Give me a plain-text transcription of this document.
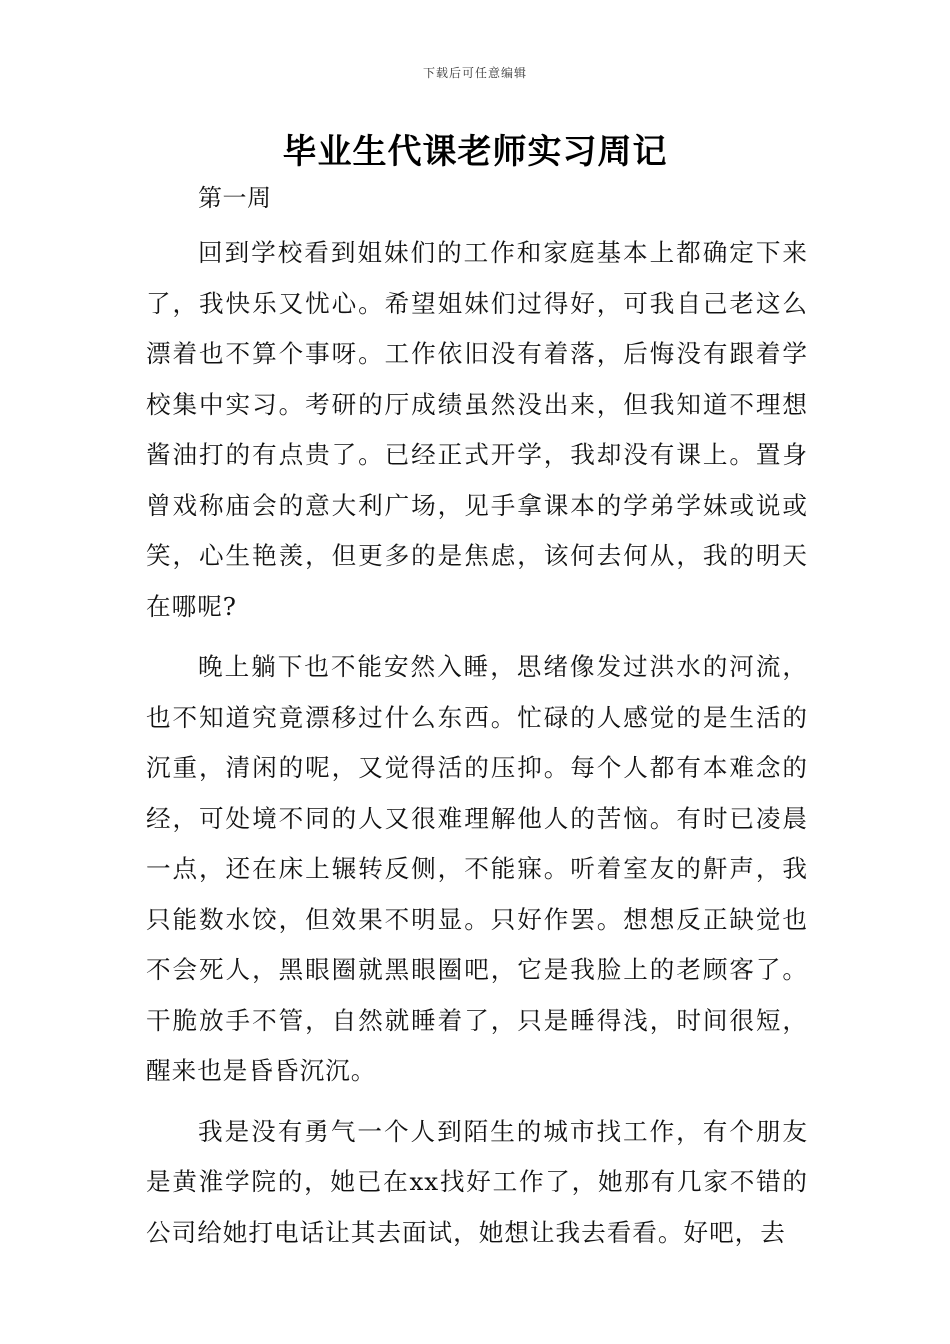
下载后可任意编辑
毕业生代课老师实习周记

第一周

回到学校看到姐妹们的工作和家庭基本上都确定下来了，我快乐又忧心。希望姐妹们过得好，可我自己老这么漂着也不算个事呀。工作依旧没有着落，后悔没有跟着学校集中实习。考研的厅成绩虽然没出来，但我知道不理想酱油打的有点贵了。已经正式开学，我却没有课上。置身曾戏称庙会的意大利广场，见手拿课本的学弟学妹或说或笑，心生艳羡，但更多的是焦虑，该何去何从，我的明天在哪呢?

晚上躺下也不能安然入睡，思绪像发过洪水的河流，也不知道究竟漂移过什么东西。忙碌的人感觉的是生活的沉重，清闲的呢，又觉得活的压抑。每个人都有本难念的经，可处境不同的人又很难理解他人的苦恼。有时已凌晨一点，还在床上辗转反侧，不能寐。听着室友的鼾声，我只能数水饺，但效果不明显。只好作罢。想想反正缺觉也不会死人，黑眼圈就黑眼圈吧，它是我脸上的老顾客了。干脆放手不管，自然就睡着了，只是睡得浅，时间很短，醒来也是昏昏沉沉。

我是没有勇气一个人到陌生的城市找工作，有个朋友是黄淮学院的，她已在xx找好工作了，她那有几家不错的公司给她打电话让其去面试，她想让我去看看。好吧，去
